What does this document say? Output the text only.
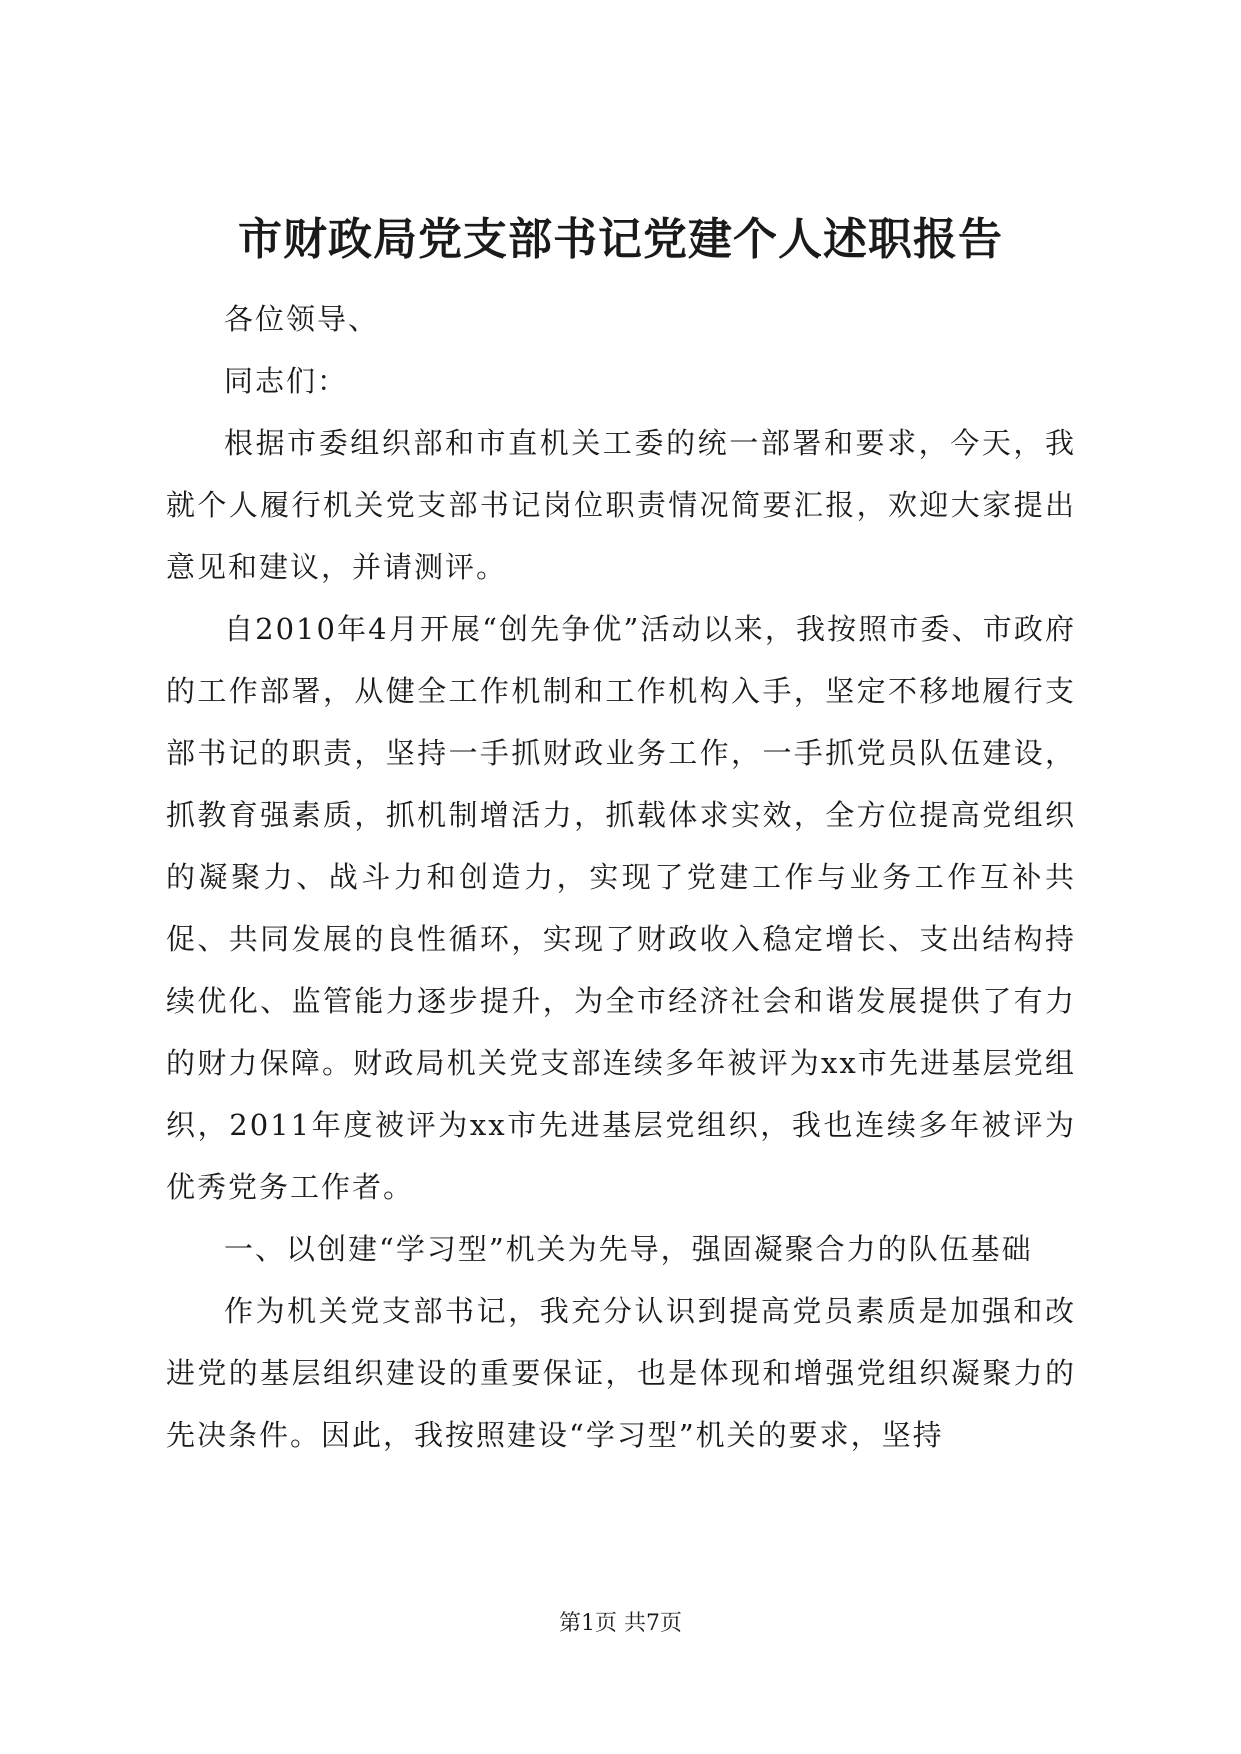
市财政局党支部书记党建个人述职报告

各位领导、

同志们：

根据市委组织部和市直机关工委的统一部署和要求，今天，我就个人履行机关党支部书记岗位职责情况简要汇报，欢迎大家提出意见和建议，并请测评。

自2010年4月开展“创先争优”活动以来，我按照市委、市政府的工作部署，从健全工作机制和工作机构入手，坚定不移地履行支部书记的职责，坚持一手抓财政业务工作，一手抓党员队伍建设，抓教育强素质，抓机制增活力，抓载体求实效，全方位提高党组织的凝聚力、战斗力和创造力，实现了党建工作与业务工作互补共促、共同发展的良性循环，实现了财政收入稳定增长、支出结构持续优化、监管能力逐步提升，为全市经济社会和谐发展提供了有力的财力保障。财政局机关党支部连续多年被评为xx市先进基层党组织，2011年度被评为xx市先进基层党组织，我也连续多年被评为优秀党务工作者。

一、以创建“学习型”机关为先导，强固凝聚合力的队伍基础

作为机关党支部书记，我充分认识到提高党员素质是加强和改进党的基层组织建设的重要保证，也是体现和增强党组织凝聚力的先决条件。因此，我按照建设“学习型”机关的要求，坚持

第1页 共7页
